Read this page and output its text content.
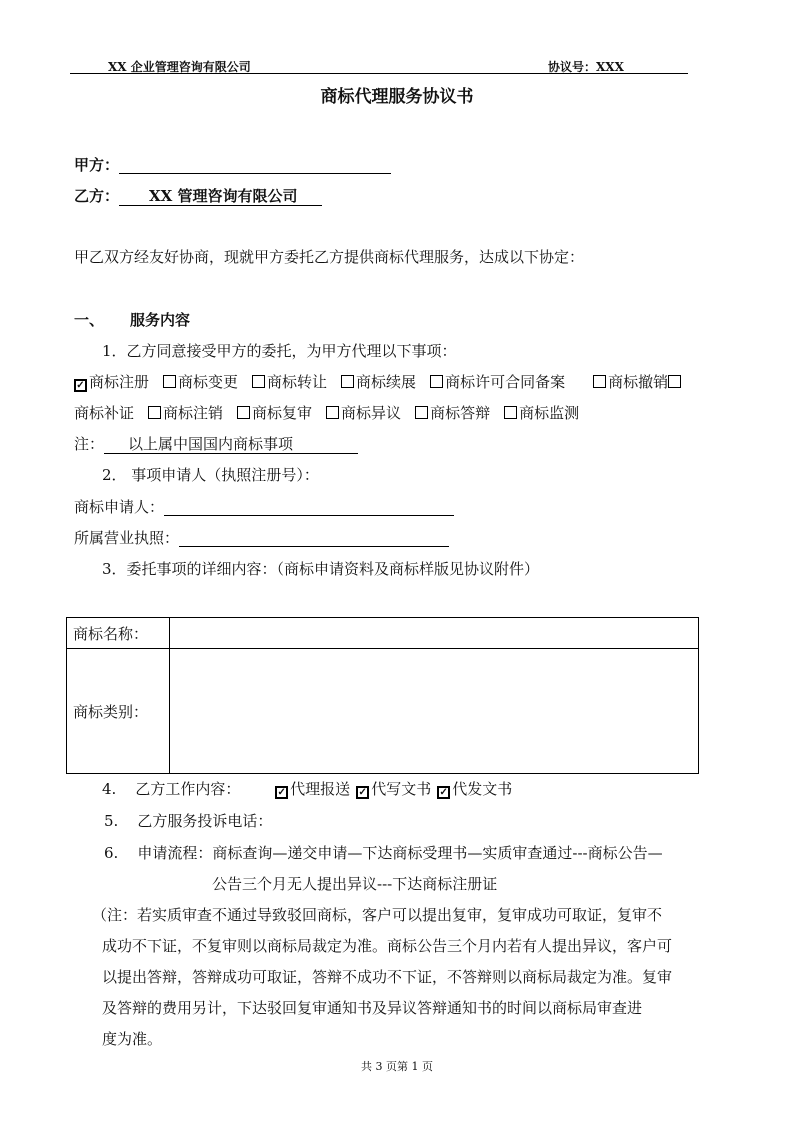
XX 企业管理咨询有限公司	协议号：XXX
商标代理服务协议书
甲方：
乙方： XX 管理咨询有限公司
甲乙双方经友好协商，现就甲方委托乙方提供商标代理服务，达成以下协定：
一、 服务内容
1．乙方同意接受甲方的委托，为甲方代理以下事项：
✓ 商标注册 商标变更 商标转让 商标续展 商标许可合同备案	商标撤销
商标补证 商标注销 商标复审 商标异议 商标答辩 商标监测
注： 以上属中国国内商标事项
2． 事项申请人（执照注册号）：
商标申请人：
所属营业执照：
3．委托事项的详细内容：（商标申请资料及商标样版见协议附件）
商标名称：	
商标类别：	
4.    乙方工作内容：	✓ 代理报送 ✓ 代写文书 ✓ 代发文书
5.    乙方服务投诉电话：
6.    申请流程：商标查询—递交申请—下达商标受理书—实质审查通过---商标公告—
公告三个月无人提出异议---下达商标注册证
（注：若实质审查不通过导致驳回商标，客户可以提出复审，复审成功可取证，复审不
成功不下证，不复审则以商标局裁定为准。商标公告三个月内若有人提出异议，客户可
以提出答辩，答辩成功可取证，答辩不成功不下证，不答辩则以商标局裁定为准。复审
及答辩的费用另计，下达驳回复审通知书及异议答辩通知书的时间以商标局审查进
度为准。
共 3 页第 1 页
